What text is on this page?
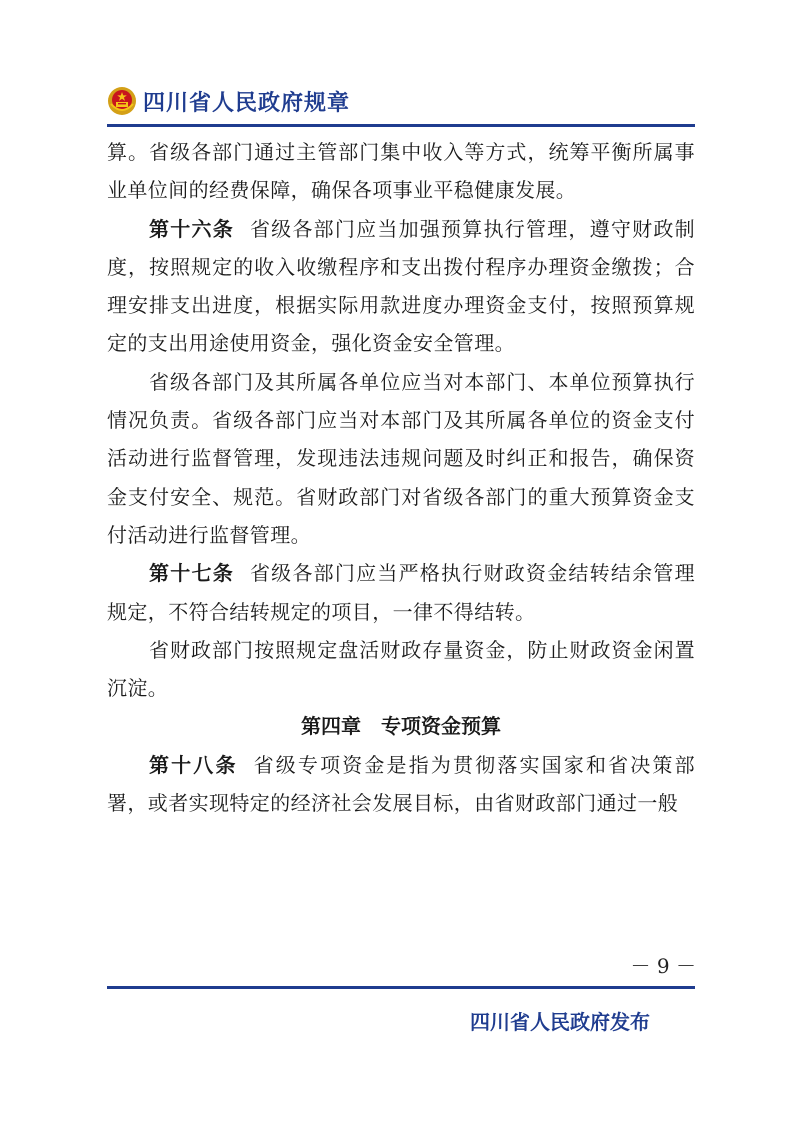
四川省人民政府规章

算。省级各部门通过主管部门集中收入等方式，统筹平衡所属事业单位间的经费保障，确保各项事业平稳健康发展。

第十六条 省级各部门应当加强预算执行管理，遵守财政制度，按照规定的收入收缴程序和支出拨付程序办理资金缴拨；合理安排支出进度，根据实际用款进度办理资金支付，按照预算规定的支出用途使用资金，强化资金安全管理。

省级各部门及其所属各单位应当对本部门、本单位预算执行情况负责。省级各部门应当对本部门及其所属各单位的资金支付活动进行监督管理，发现违法违规问题及时纠正和报告，确保资金支付安全、规范。省财政部门对省级各部门的重大预算资金支付活动进行监督管理。

第十七条 省级各部门应当严格执行财政资金结转结余管理规定，不符合结转规定的项目，一律不得结转。

省财政部门按照规定盘活财政存量资金，防止财政资金闲置沉淀。

第四章　专项资金预算

第十八条 省级专项资金是指为贯彻落实国家和省决策部署，或者实现特定的经济社会发展目标，由省财政部门通过一般

－ 9 －
四川省人民政府发布
